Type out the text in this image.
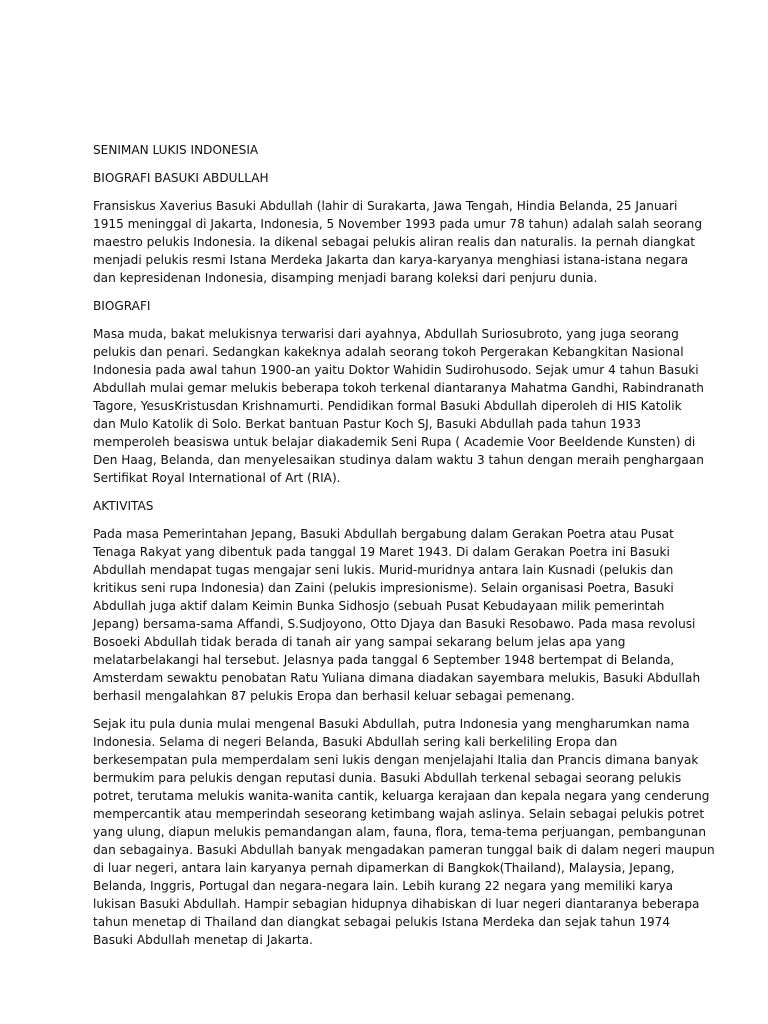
SENIMAN LUKIS INDONESIA

BIOGRAFI BASUKI ABDULLAH

Fransiskus Xaverius Basuki Abdullah (lahir di Surakarta, Jawa Tengah, Hindia Belanda, 25 Januari
1915 meninggal di Jakarta, Indonesia, 5 November 1993 pada umur 78 tahun) adalah salah seorang
maestro pelukis Indonesia. Ia dikenal sebagai pelukis aliran realis dan naturalis. Ia pernah diangkat
menjadi pelukis resmi Istana Merdeka Jakarta dan karya-karyanya menghiasi istana-istana negara
dan kepresidenan Indonesia, disamping menjadi barang koleksi dari penjuru dunia.

BIOGRAFI

Masa muda, bakat melukisnya terwarisi dari ayahnya, Abdullah Suriosubroto, yang juga seorang
pelukis dan penari. Sedangkan kakeknya adalah seorang tokoh Pergerakan Kebangkitan Nasional
Indonesia pada awal tahun 1900-an yaitu Doktor Wahidin Sudirohusodo. Sejak umur 4 tahun Basuki
Abdullah mulai gemar melukis beberapa tokoh terkenal diantaranya Mahatma Gandhi, Rabindranath
Tagore, YesusKristusdan Krishnamurti. Pendidikan formal Basuki Abdullah diperoleh di HIS Katolik
dan Mulo Katolik di Solo. Berkat bantuan Pastur Koch SJ, Basuki Abdullah pada tahun 1933
memperoleh beasiswa untuk belajar diakademik Seni Rupa ( Academie Voor Beeldende Kunsten) di
Den Haag, Belanda, dan menyelesaikan studinya dalam waktu 3 tahun dengan meraih penghargaan
Sertifikat Royal International of Art (RIA).

AKTIVITAS

Pada masa Pemerintahan Jepang, Basuki Abdullah bergabung dalam Gerakan Poetra atau Pusat
Tenaga Rakyat yang dibentuk pada tanggal 19 Maret 1943. Di dalam Gerakan Poetra ini Basuki
Abdullah mendapat tugas mengajar seni lukis. Murid-muridnya antara lain Kusnadi (pelukis dan
kritikus seni rupa Indonesia) dan Zaini (pelukis impresionisme). Selain organisasi Poetra, Basuki
Abdullah juga aktif dalam Keimin Bunka Sidhosjo (sebuah Pusat Kebudayaan milik pemerintah
Jepang) bersama-sama Affandi, S.Sudjoyono, Otto Djaya dan Basuki Resobawo. Pada masa revolusi
Bosoeki Abdullah tidak berada di tanah air yang sampai sekarang belum jelas apa yang
melatarbelakangi hal tersebut. Jelasnya pada tanggal 6 September 1948 bertempat di Belanda,
Amsterdam sewaktu penobatan Ratu Yuliana dimana diadakan sayembara melukis, Basuki Abdullah
berhasil mengalahkan 87 pelukis Eropa dan berhasil keluar sebagai pemenang.

Sejak itu pula dunia mulai mengenal Basuki Abdullah, putra Indonesia yang mengharumkan nama
Indonesia. Selama di negeri Belanda, Basuki Abdullah sering kali berkeliling Eropa dan
berkesempatan pula memperdalam seni lukis dengan menjelajahi Italia dan Prancis dimana banyak
bermukim para pelukis dengan reputasi dunia. Basuki Abdullah terkenal sebagai seorang pelukis
potret, terutama melukis wanita-wanita cantik, keluarga kerajaan dan kepala negara yang cenderung
mempercantik atau memperindah seseorang ketimbang wajah aslinya. Selain sebagai pelukis potret
yang ulung, diapun melukis pemandangan alam, fauna, flora, tema-tema perjuangan, pembangunan
dan sebagainya. Basuki Abdullah banyak mengadakan pameran tunggal baik di dalam negeri maupun
di luar negeri, antara lain karyanya pernah dipamerkan di Bangkok(Thailand), Malaysia, Jepang,
Belanda, Inggris, Portugal dan negara-negara lain. Lebih kurang 22 negara yang memiliki karya
lukisan Basuki Abdullah. Hampir sebagian hidupnya dihabiskan di luar negeri diantaranya beberapa
tahun menetap di Thailand dan diangkat sebagai pelukis Istana Merdeka dan sejak tahun 1974
Basuki Abdullah menetap di Jakarta.
